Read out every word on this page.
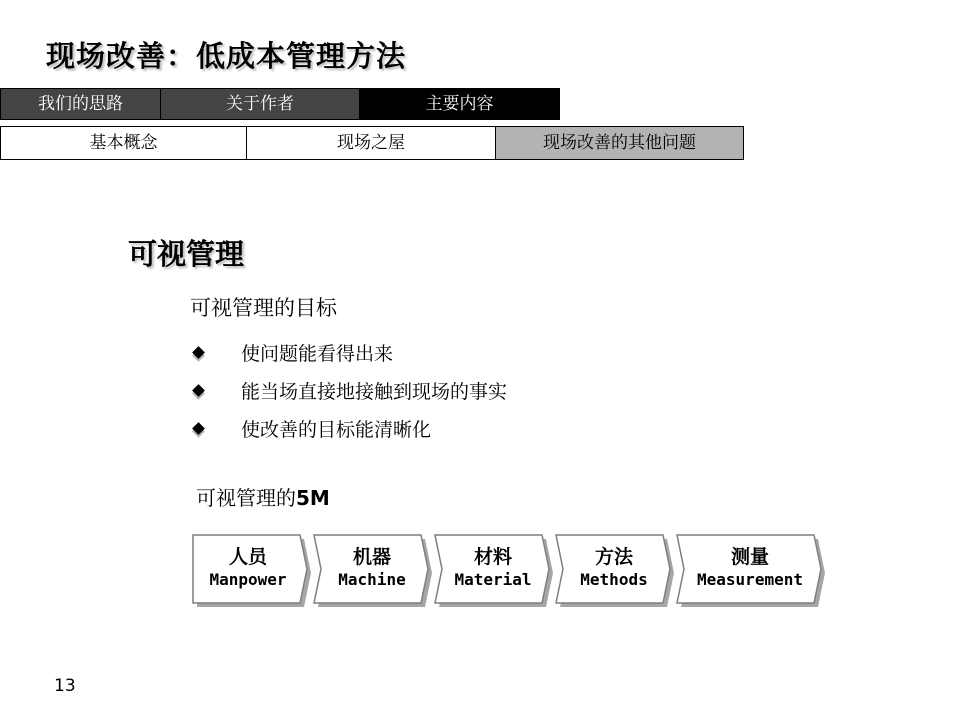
现场改善：低成本管理方法
我们的思路	关于作者	主要内容
基本概念	现场之屋	现场改善的其他问题
可视管理
可视管理的目标
使问题能看得出来
能当场直接地接触到现场的事实
使改善的目标能清晰化
可视管理的5M
人员
Manpower
机器
Machine
材料
Material
方法
Methods
测量
Measurement
13
